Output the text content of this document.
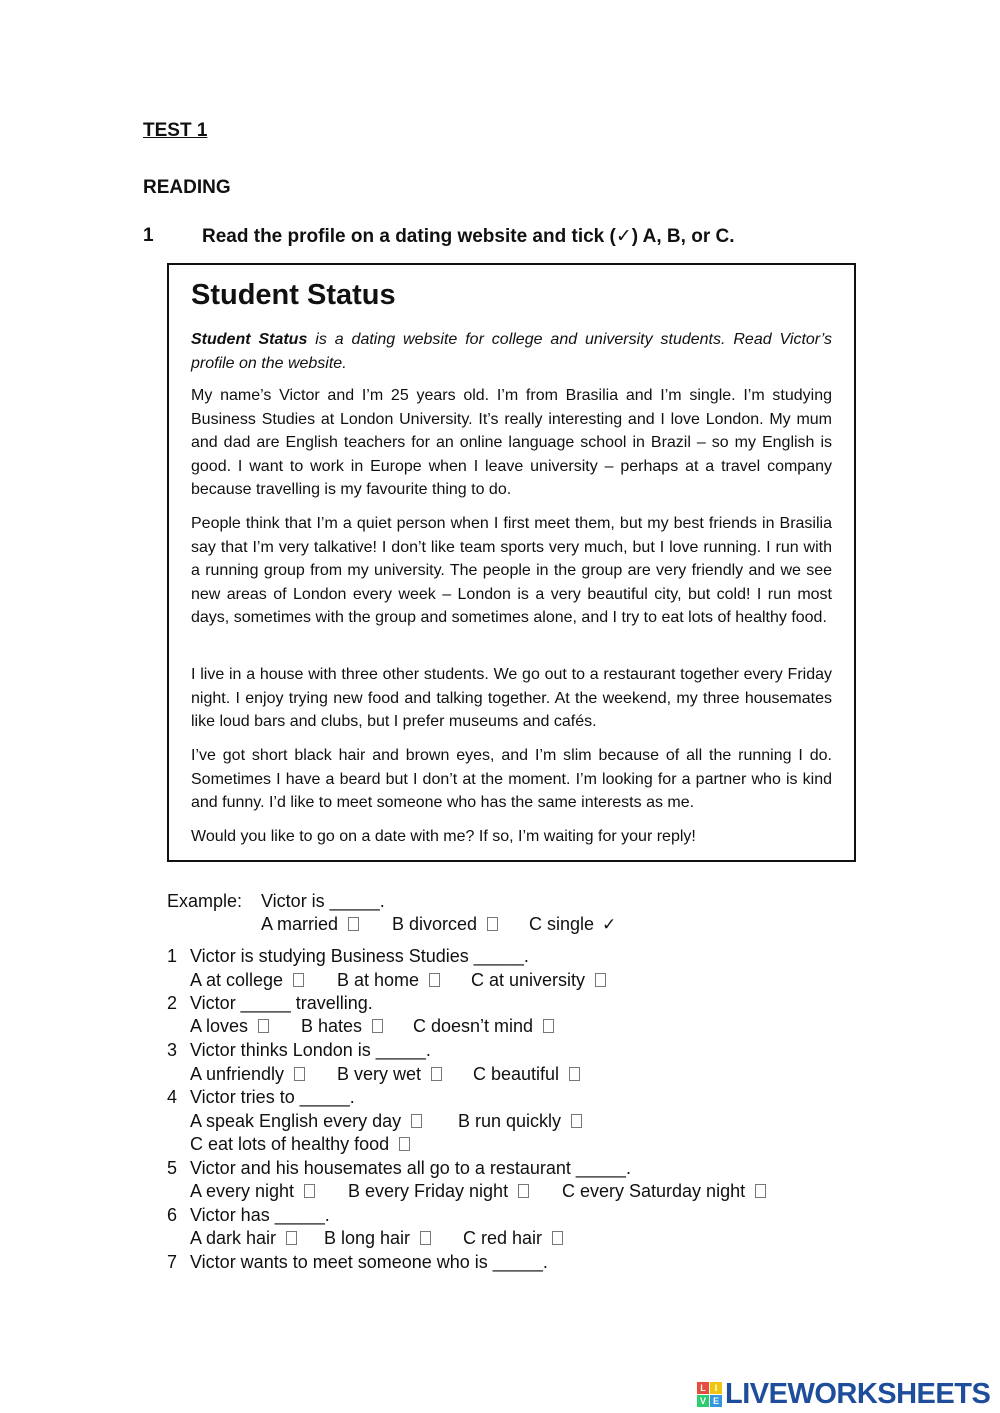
TEST 1
READING
1	Read the profile on a dating website and tick (✓) A, B, or C.
Student Status
Student Status is a dating website for college and university students. Read Victor’s profile on the website.
My name’s Victor and I’m 25 years old. I’m from Brasilia and I’m single. I’m studying Business Studies at London University. It’s really interesting and I love London. My mum and dad are English teachers for an online language school in Brazil – so my English is good. I want to work in Europe when I leave university – perhaps at a travel company because travelling is my favourite thing to do.
People think that I’m a quiet person when I first meet them, but my best friends in Brasilia say that I’m very talkative! I don’t like team sports very much, but I love running. I run with a running group from my university. The people in the group are very friendly and we see new areas of London every week – London is a very beautiful city, but cold! I run most days, sometimes with the group and sometimes alone, and I try to eat lots of healthy food.
I live in a house with three other students. We go out to a restaurant together every Friday night. I enjoy trying new food and talking together. At the weekend, my three housemates like loud bars and clubs, but I prefer museums and cafés.
I’ve got short black hair and brown eyes, and I’m slim because of all the running I do. Sometimes I have a beard but I don’t at the moment. I’m looking for a partner who is kind and funny. I’d like to meet someone who has the same interests as me.
Would you like to go on a date with me? If so, I’m waiting for your reply!
Example: Victor is _____.
A married	B divorced	C single ✓
1 Victor is studying Business Studies _____.
A at college	B at home	C at university
2 Victor _____ travelling.
A loves	B hates	C doesn’t mind
3 Victor thinks London is _____.
A unfriendly	B very wet	C beautiful
4 Victor tries to _____.
A speak English every day	B run quickly
C eat lots of healthy food
5 Victor and his housemates all go to a restaurant _____.
A every night	B every Friday night	C every Saturday night
6 Victor has _____.
A dark hair	B long hair	C red hair
7 Victor wants to meet someone who is _____.
L I
V E LIVEWORKSHEETS
